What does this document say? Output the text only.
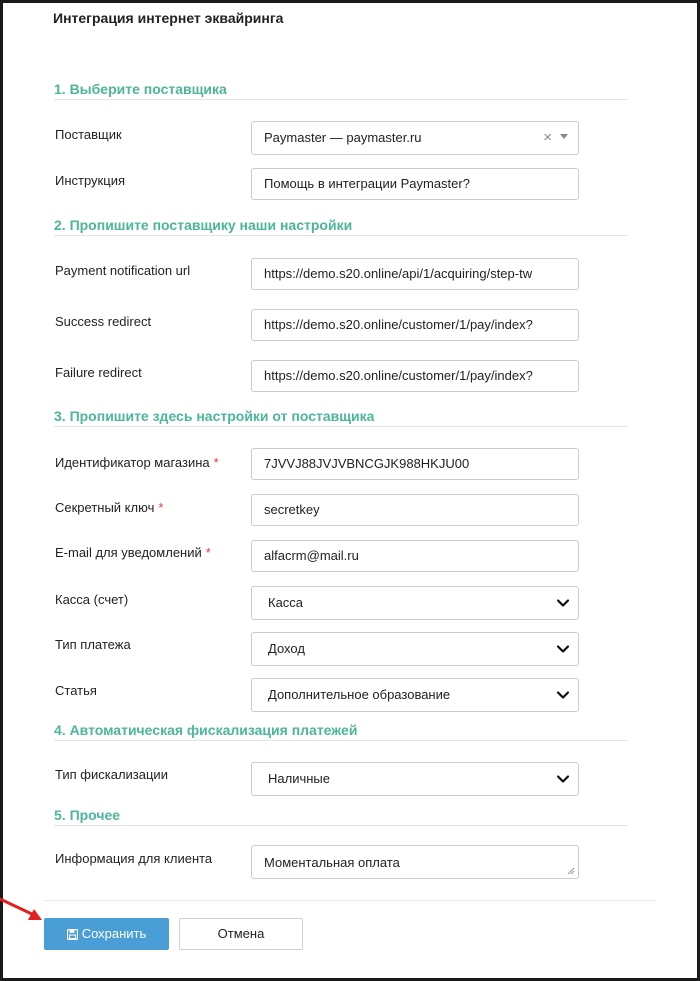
Интеграция интернет эквайринга
1. Выберите поставщика
Поставщик	Paymaster — paymaster.ru	×
Инструкция	Помощь в интеграции Paymaster?
2. Пропишите поставщику наши настройки
Payment notification url	https://demo.s20.online/api/1/acquiring/step-tw
Success redirect	https://demo.s20.online/customer/1/pay/index?
Failure redirect	https://demo.s20.online/customer/1/pay/index?
3. Пропишите здесь настройки от поставщика
Идентификатор магазина *	7JVVJ88JVJVBNCGJK988HKJU00
Секретный ключ *	secretkey
E-mail для уведомлений *	alfacrm@mail.ru
Касса (счет)	Касса
Тип платежа	Доход
Статья	Дополнительное образование
4. Автоматическая фискализация платежей
Тип фискализации	Наличные
5. Прочее
Информация для клиента	Моментальная оплата
Сохранить	Отмена
